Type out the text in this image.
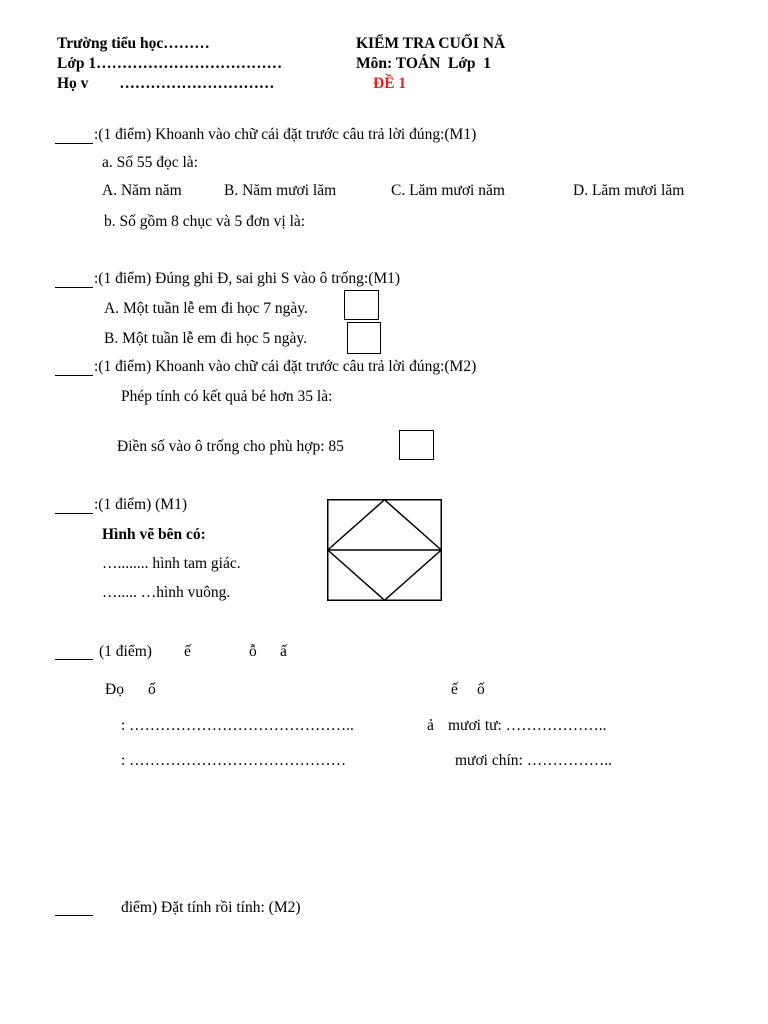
Trường tiểu học………
Lớp 1………………………………
Họ v        …………………………
KIỂM TRA CUỐI NĂ
Môn: TOÁN  Lớp  1
ĐỀ 1
:(1 điểm) Khoanh vào chữ cái đặt trước câu trả lời đúng:(M1)
a. Số 55 đọc là:
A. Năm năm	B. Năm mươi lăm	C. Lăm mươi năm	D. Lăm mươi lăm
b. Số gồm 8 chục và 5 đơn vị là:
:(1 điểm) Đúng ghi Đ, sai ghi S vào ô trống:(M1)
A. Một tuần lễ em đi học 7 ngày.
B. Một tuần lễ em đi học 5 ngày.
:(1 điểm) Khoanh vào chữ cái đặt trước câu trả lời đúng:(M2)
Phép tính có kết quả bé hơn 35 là:
Điền số vào ô trống cho phù hợp: 85
:(1 điểm) (M1)
Hình vẽ bên có:
…........ hình tam giác.
…..... …hình vuông.
(1 điểm) ế	ỗ ấ
Đọ ố	ế ố
: ……………………………………..	ả mươi tư: ………………..
: ……………………………………	mươi chín: ……………..
điểm) Đặt tính rồi tính: (M2)
